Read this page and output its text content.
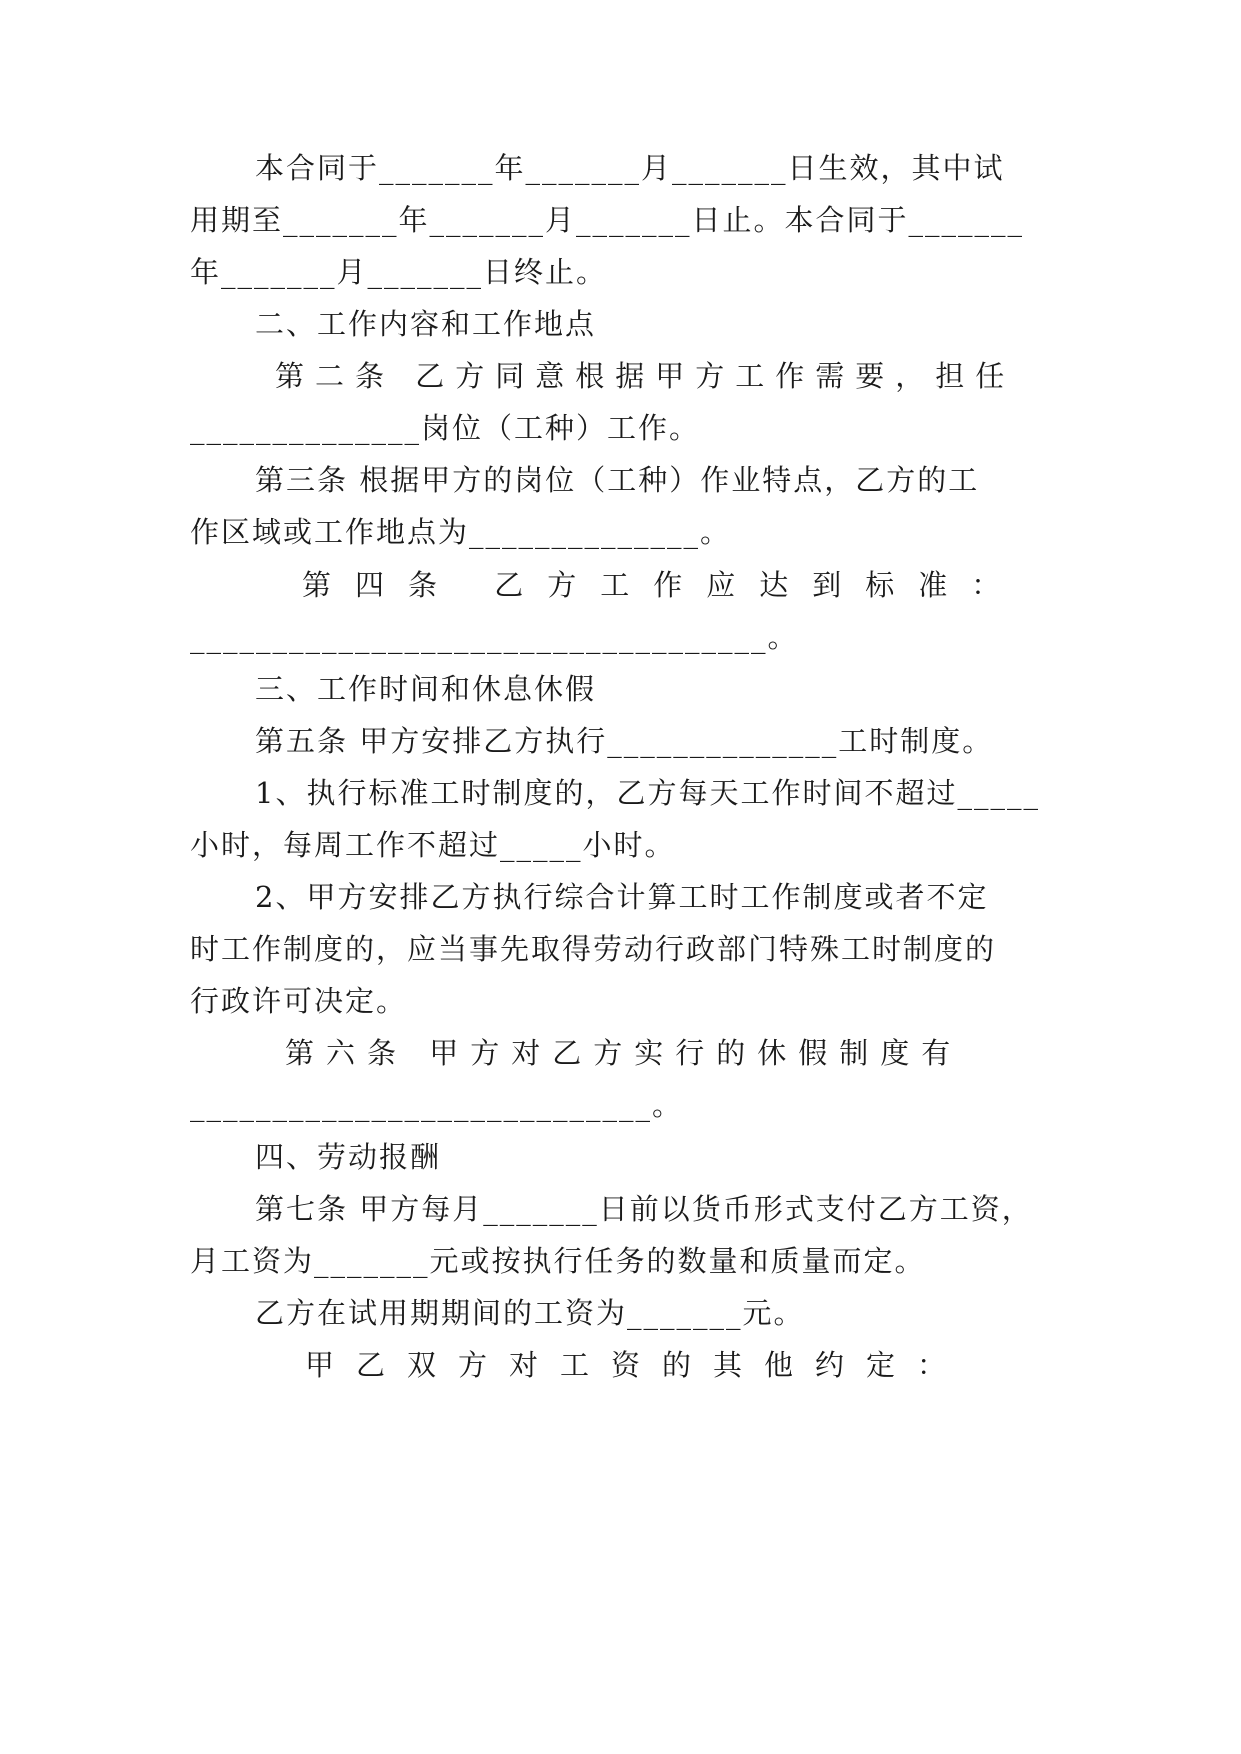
本合同于_______年_______月_______日生效，其中试
用期至_______年_______月_______日止。本合同于_______
年_______月_______日终止。
二、工作内容和工作地点
第二条 乙方同意根据甲方工作需要，担任
______________岗位（工种）工作。
第三条 根据甲方的岗位（工种）作业特点，乙方的工
作区域或工作地点为______________。
第四条 乙方工作应达到标准：
___________________________________。
三、工作时间和休息休假
第五条 甲方安排乙方执行______________工时制度。
1、执行标准工时制度的，乙方每天工作时间不超过_____
小时，每周工作不超过_____小时。
2、甲方安排乙方执行综合计算工时工作制度或者不定
时工作制度的，应当事先取得劳动行政部门特殊工时制度的
行政许可决定。
第六条 甲方对乙方实行的休假制度有
____________________________。
四、劳动报酬
第七条 甲方每月_______日前以货币形式支付乙方工资，
月工资为_______元或按执行任务的数量和质量而定。
乙方在试用期期间的工资为_______元。
甲乙双方对工资的其他约定：
